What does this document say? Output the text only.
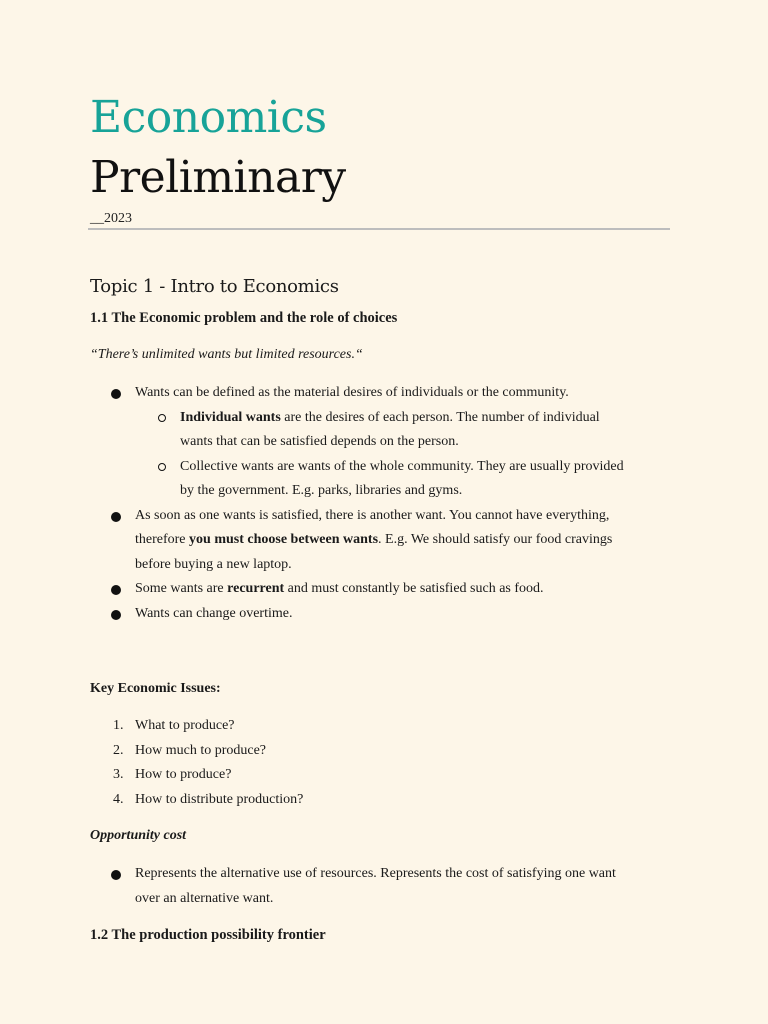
Economics
Preliminary
__2023
Topic 1 - Intro to Economics
1.1 The Economic problem and the role of choices
“There’s unlimited wants but limited resources.“
Wants can be defined as the material desires of individuals or the community.
Individual wants are the desires of each person. The number of individual
wants that can be satisfied depends on the person.
Collective wants are wants of the whole community. They are usually provided
by the government. E.g. parks, libraries and gyms.
As soon as one wants is satisfied, there is another want. You cannot have everything,
therefore you must choose between wants. E.g. We should satisfy our food cravings
before buying a new laptop.
Some wants are recurrent and must constantly be satisfied such as food.
Wants can change overtime.
Key Economic Issues:
1. What to produce?
2. How much to produce?
3. How to produce?
4. How to distribute production?
Opportunity cost
Represents the alternative use of resources. Represents the cost of satisfying one want
over an alternative want.
1.2 The production possibility frontier
